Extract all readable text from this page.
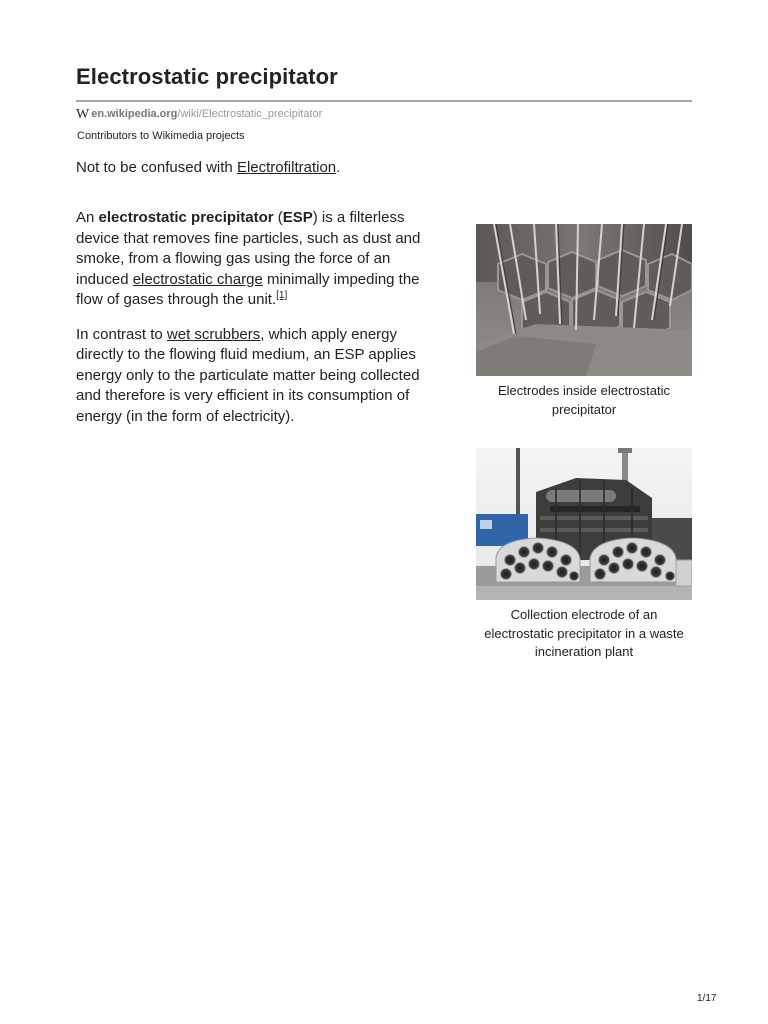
Electrostatic precipitator
W en.wikipedia.org/wiki/Electrostatic_precipitator
Contributors to Wikimedia projects
Not to be confused with Electrofiltration.

An electrostatic precipitator (ESP) is a filterless device that removes fine particles, such as dust and smoke, from a flowing gas using the force of an induced electrostatic charge minimally impeding the flow of gases through the unit.[1]

In contrast to wet scrubbers, which apply energy directly to the flowing fluid medium, an ESP applies energy only to the particulate matter being collected and therefore is very efficient in its consumption of energy (in the form of electricity).

Electrodes inside electrostatic precipitator
Collection electrode of an electrostatic precipitator in a waste incineration plant
1/17
